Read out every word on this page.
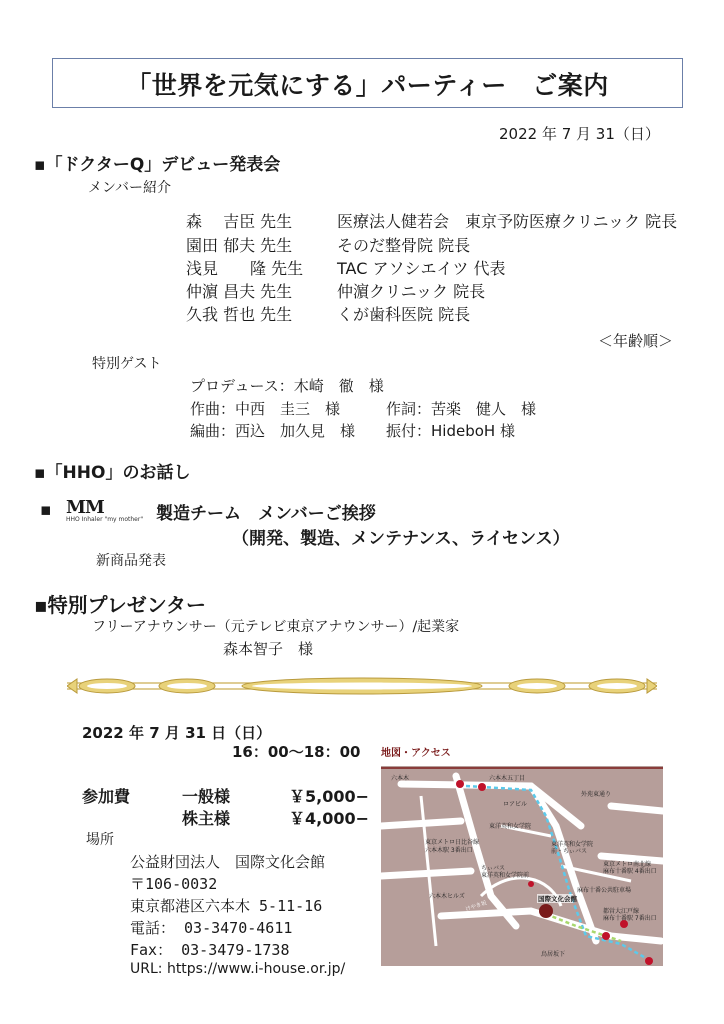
「世界を元気にする」パーティー　ご案内
2022 年 7 月 31（日）
▪「ドクターQ」デビュー発表会
メンバー紹介
森　 吉臣 先生	医療法人健若会　東京予防医療クリニック 院長
園田 郁夫 先生	そのだ整骨院 院長
浅見　　隆 先生 TAC アソシエイツ 代表
仲濵 昌夫 先生	仲濵クリニック 院長
久我 哲也 先生	くが歯科医院 院長
＜年齢順＞
特別ゲスト
プロデュース：木崎　徹　様
作曲：中西　圭三　様	作詞：苦楽　健人　様
編曲：西込　加久見　様 振付：HideboH 様
▪「HHO」のお話し
▪ MM
HHO Inhaler "my mother" 製造チーム　メンバーご挨拶
（開発、製造、メンテナンス、ライセンス）
新商品発表
▪特別プレゼンター
フリーアナウンサー（元テレビ東京アナウンサー）/起業家
森本智子　様
2022 年 7 月 31 日（日）
16：00～18：00
参加費	一般様	￥5,000−
株主様	￥4,000−
場所
公益財団法人　国際文化会館
〒106-0032
東京都港区六本木 5-11-16
電話： 03-3470-4611
Fax： 03-3479-1738
URL: https://www.i-house.or.jp/
地図・アクセス
六本木	六本木五丁目
ロアビル
外苑東通り
東洋英和女学院
東京メトロ日比谷線
六本木駅 3番出口
東洋英和女学院
前・ちぃバス
ちぃバス
東洋英和女学院前
東京メトロ南北線
麻布十番駅 4番出口
六本木ヒルズ	国際文化会館
麻布十番公共駐車場
都営大江戸線
麻布十番駅 7番出口
鳥居坂下
けやき坂
